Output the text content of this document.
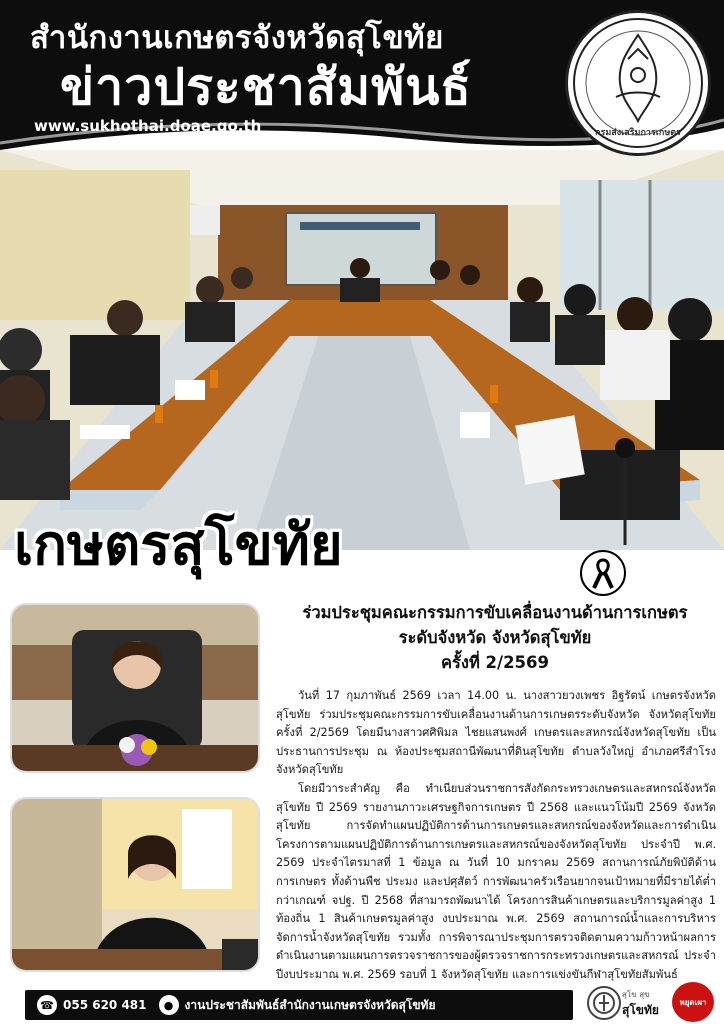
สำนักงานเกษตรจังหวัดสุโขทัย
ข่าวประชาสัมพันธ์
www.sukhothai.doae.go.th	กรมส่งเสริมการเกษตร
เกษตรสุโขทัย
ร่วมประชุมคณะกรรมการขับเคลื่อนงานด้านการเกษตร
ระดับจังหวัด จังหวัดสุโขทัย
ครั้งที่ 2/2569

วันที่ 17 กุมภาพันธ์ 2569 เวลา 14.00 น. นางสาวยวงเพชร อิฐรัตน์ เกษตรจังหวัดสุโขทัย ร่วมประชุมคณะกรรมการขับเคลื่อนงานด้านการเกษตรระดับจังหวัด จังหวัดสุโขทัย ครั้งที่ 2/2569 โดยมีนางสาวศศิพิมล ไชยแสนพงศ์ เกษตรและสหกรณ์จังหวัดสุโขทัย เป็นประธานการประชุม ณ ห้องประชุมสถานีพัฒนาที่ดินสุโขทัย ตำบลวังใหญ่ อำเภอศรีสำโรง จังหวัดสุโขทัย

โดยมีวาระสำคัญ คือ ทำเนียบส่วนราชการสังกัดกระทรวงเกษตรและสหกรณ์จังหวัดสุโขทัย ปี 2569 รายงานภาวะเศรษฐกิจการเกษตร ปี 2568 และแนวโน้มปี 2569 จังหวัดสุโขทัย การจัดทำแผนปฏิบัติการด้านการเกษตรและสหกรณ์ของจังหวัดและการดำเนินโครงการตามแผนปฏิบัติการด้านการเกษตรและสหกรณ์ของจังหวัดสุโขทัย ประจำปี พ.ศ. 2569 ประจำไตรมาสที่ 1 ข้อมูล ณ วันที่ 10 มกราคม 2569 สถานการณ์ภัยพิบัติด้านการเกษตร ทั้งด้านพืช ประมง และปศุสัตว์ การพัฒนาครัวเรือนยากจนเป้าหมายที่มีรายได้ต่ำกว่าเกณฑ์ จปฐ. ปี 2568 ที่สามารถพัฒนาได้ โครงการสินค้าเกษตรและบริการมูลค่าสูง 1 ท้องถิ่น 1 สินค้าเกษตรมูลค่าสูง งบประมาณ พ.ศ. 2569 สถานการณ์น้ำและการบริหารจัดการน้ำจังหวัดสุโขทัย รวมทั้ง การพิจารณาประชุมการตรวจติดตามความก้าวหน้าผลการดำเนินงานตามแผนการตรวจราชการของผู้ตรวจราชการกระทรวงเกษตรและสหกรณ์ ประจำปีงบประมาณ พ.ศ. 2569 รอบที่ 1 จังหวัดสุโขทัย และการแข่งขันกีฬาสุโขทัยสัมพันธ์

☎ 055 620 481	● งานประชาสัมพันธ์สำนักงานเกษตรจังหวัดสุโขทัย
สุโข สุข
สุโขทัย
หยุดเผา
